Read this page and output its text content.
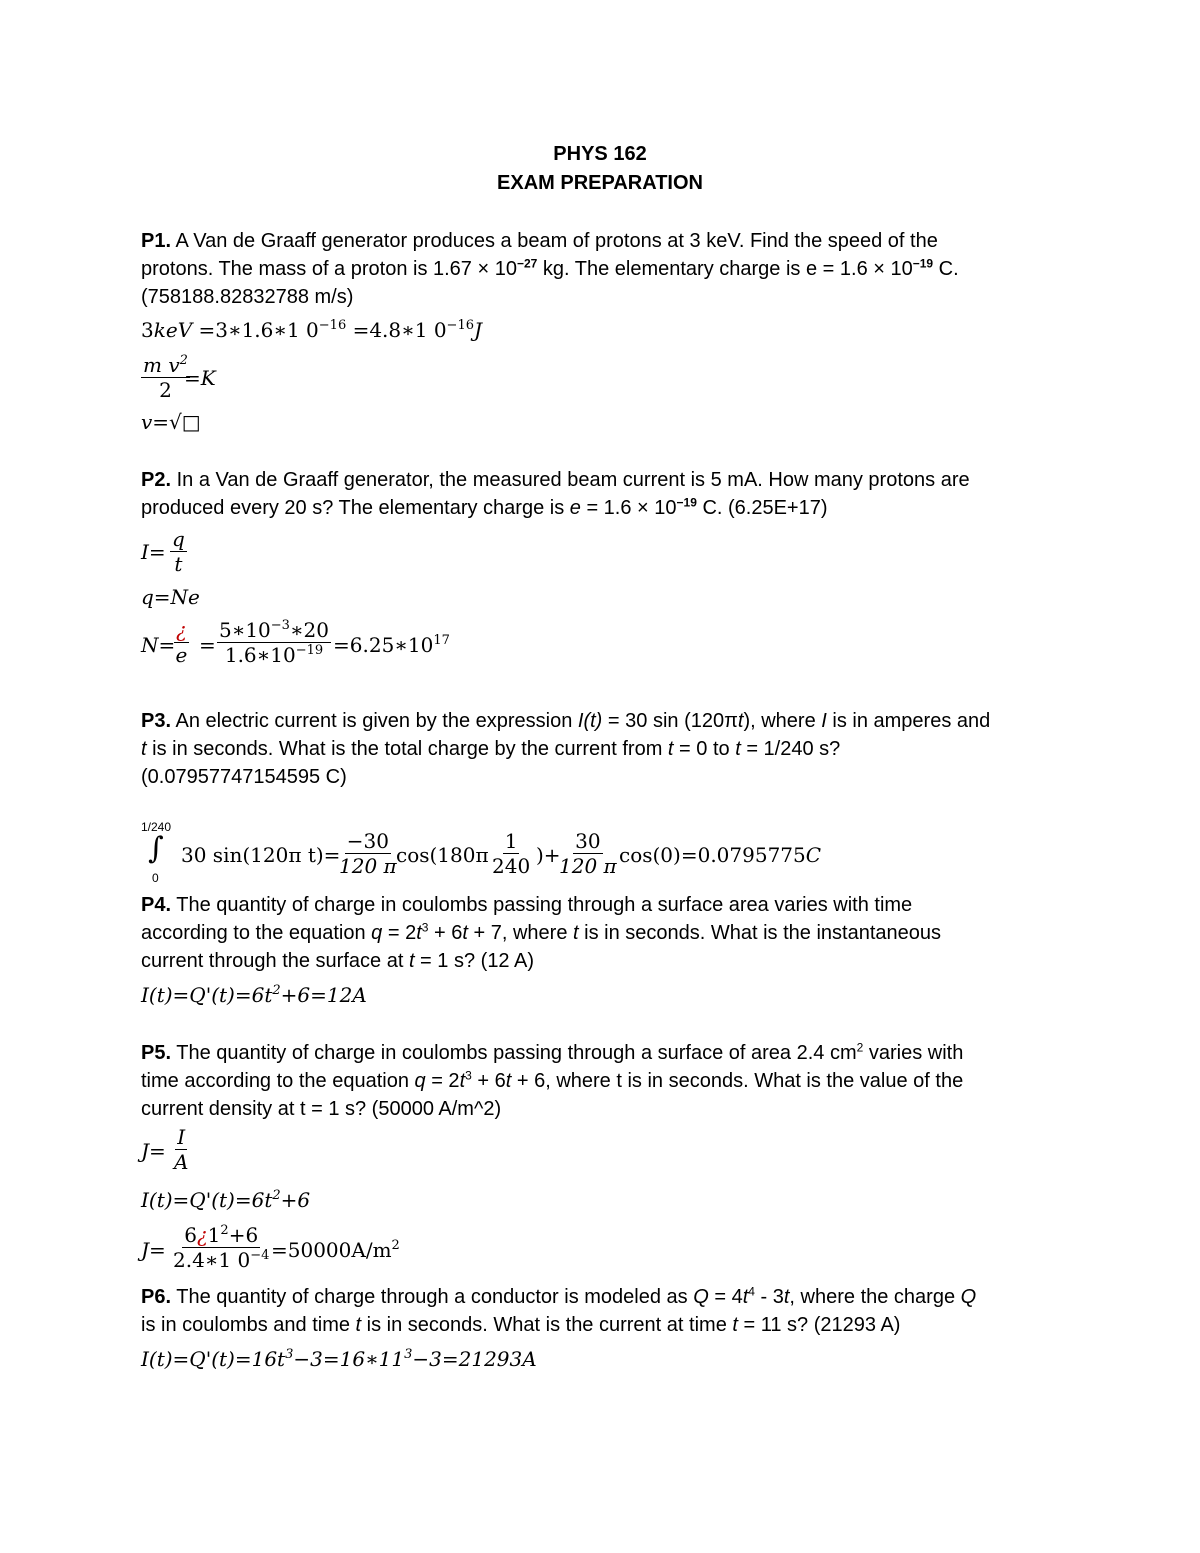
PHYS 162
EXAM PREPARATION
P1. A Van de Graaff generator produces a beam of protons at 3 keV. Find the speed of the
protons. The mass of a proton is $1.67 \times 10^{-27}$ kg. The elementary charge is $e = 1.6 \times 10^{-19}$ C.
(758188.82832788 m/s)
3keV =3∗1.6∗1 $0^{-16}$ =4.8∗1 $0^{-16}J$
$\frac{m v^2}{2}$
=K
v=√□
P2. In a Van de Graaff generator, the measured beam current is 5 mA. How many protons are
produced every 20 s? The elementary charge is $e = 1.6 \times 10^{-19}$ C. (6.25E+17)
$I= \frac{q}{t}$
q=Ne
N=
¿
$e = \frac{5∗10^{-3}∗20}{1.6∗10^{-19}}$ $=6.25∗10^{17}$
P3. An electric current is given by the expression I(t) = 30 sin (120πt), where I is in amperes and
t is in seconds. What is the total charge by the current from t = 0 to t = 1/240 s?
(0.07957747154595 C)
1/240
∫
0
30 sin(120π t)=
$\frac{-30}{120 \pi} \cos(180\pi \frac{1}{240}$ )+
$\frac{30}{120 \pi} \cos(0)=0.0795775C$
P4. The quantity of charge in coulombs passing through a surface area varies with time
according to the equation $q = 2t^3 + 6t + 7$, where t is in seconds. What is the instantaneous
current through the surface at t = 1 s? (12 A)
$I(t)=Q'(t)=6t^2+6=12A$
P5. The quantity of charge in coulombs passing through a surface of area 2.4 $cm^2$ varies with
time according to the equation $q = 2t^3 + 6t + 6$, where t is in seconds. What is the value of the
current density at t = 1 s? (50000 A/m^2)
$J= \frac{I}{A}$
$I(t)=Q'(t)=6t^2+6$
$J= \frac{6¿1^2+6}{2.4∗1 0^{-4}} =50000A/m^2$
P6. The quantity of charge through a conductor is modeled as $Q = 4t^4 - 3t$, where the charge Q
is in coulombs and time t is in seconds. What is the current at time t = 11 s? (21293 A)
$I(t)=Q'(t)=16t^3-3=16∗11^3-3=21293A$
